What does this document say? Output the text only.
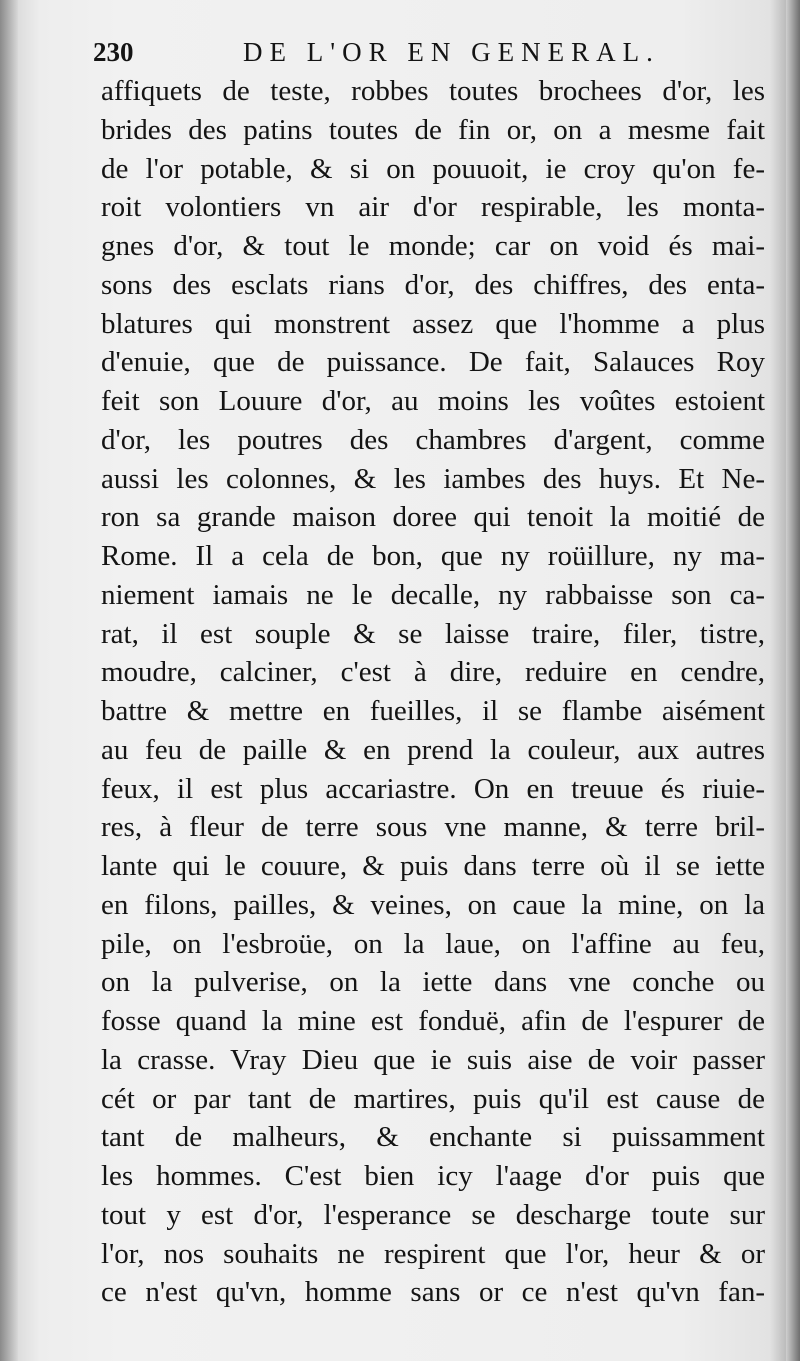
230	DE L'OR EN GENERAL.
affiquets de teste, robbes toutes brochees d'or, les
brides des patins toutes de fin or, on a mesme fait
de l'or potable, & si on pouuoit, ie croy qu'on fe-
roit volontiers vn air d'or respirable, les monta-
gnes d'or, & tout le monde; car on void és mai-
sons des esclats rians d'or, des chiffres, des enta-
blatures qui monstrent assez que l'homme a plus
d'enuie, que de puissance. De fait, Salauces Roy
feit son Louure d'or, au moins les voûtes estoient
d'or, les poutres des chambres d'argent, comme
aussi les colonnes, & les iambes des huys. Et Ne-
ron sa grande maison doree qui tenoit la moitié de
Rome. Il a cela de bon, que ny roüillure, ny ma-
niement iamais ne le decalle, ny rabbaisse son ca-
rat, il est souple & se laisse traire, filer, tistre,
moudre, calciner, c'est à dire, reduire en cendre,
battre & mettre en fueilles, il se flambe aisément
au feu de paille & en prend la couleur, aux autres
feux, il est plus accariastre. On en treuue és riuie-
res, à fleur de terre sous vne manne, & terre bril-
lante qui le couure, & puis dans terre où il se iette
en filons, pailles, & veines, on caue la mine, on la
pile, on l'esbroüe, on la laue, on l'affine au feu,
on la pulverise, on la iette dans vne conche ou
fosse quand la mine est fonduë, afin de l'espurer de
la crasse. Vray Dieu que ie suis aise de voir passer
cét or par tant de martires, puis qu'il est cause de
tant de malheurs, & enchante si puissamment
les hommes. C'est bien icy l'aage d'or puis que
tout y est d'or, l'esperance se descharge toute sur
l'or, nos souhaits ne respirent que l'or, heur & or
ce n'est qu'vn, homme sans or ce n'est qu'vn fan-
